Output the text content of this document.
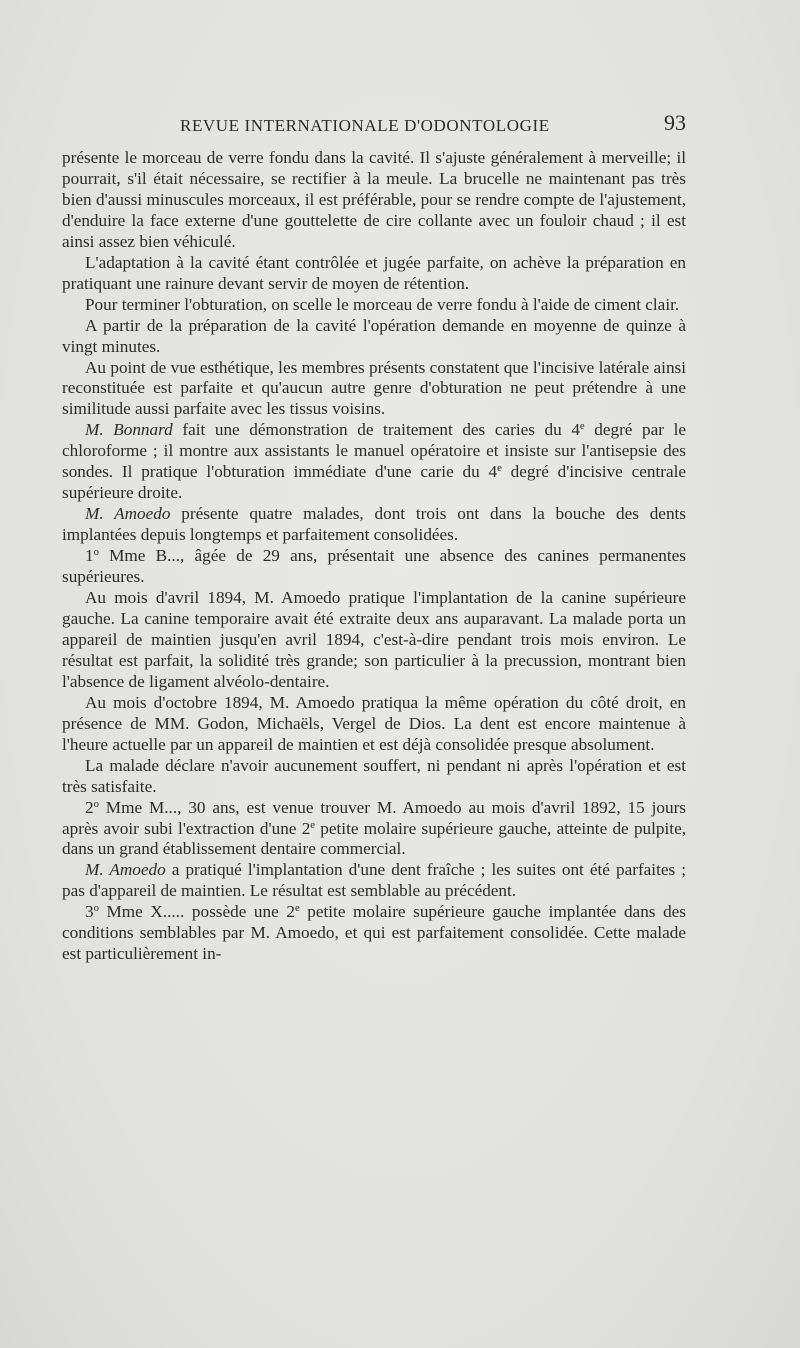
REVUE INTERNATIONALE D'ODONTOLOGIE	93

présente le morceau de verre fondu dans la cavité. Il s'ajuste généralement à merveille; il pourrait, s'il était nécessaire, se rectifier à la meule. La brucelle ne maintenant pas très bien d'aussi minuscules morceaux, il est préférable, pour se rendre compte de l'ajustement, d'enduire la face externe d'une gouttelette de cire collante avec un fouloir chaud ; il est ainsi assez bien véhiculé.

L'adaptation à la cavité étant contrôlée et jugée parfaite, on achève la préparation en pratiquant une rainure devant servir de moyen de rétention.

Pour terminer l'obturation, on scelle le morceau de verre fondu à l'aide de ciment clair.

A partir de la préparation de la cavité l'opération demande en moyenne de quinze à vingt minutes.

Au point de vue esthétique, les membres présents constatent que l'incisive latérale ainsi reconstituée est parfaite et qu'aucun autre genre d'obturation ne peut prétendre à une similitude aussi parfaite avec les tissus voisins.

M. Bonnard fait une démonstration de traitement des caries du 4e degré par le chloroforme ; il montre aux assistants le manuel opératoire et insiste sur l'antisepsie des sondes. Il pratique l'obturation immédiate d'une carie du 4e degré d'incisive centrale supérieure droite.

M. Amoedo présente quatre malades, dont trois ont dans la bouche des dents implantées depuis longtemps et parfaitement consolidées.

1$^o$ Mme B..., âgée de 29 ans, présentait une absence des canines permanentes supérieures.

Au mois d'avril 1894, M. Amoedo pratique l'implantation de la canine supérieure gauche. La canine temporaire avait été extraite deux ans auparavant. La malade porta un appareil de maintien jusqu'en avril 1894, c'est-à-dire pendant trois mois environ. Le résultat est parfait, la solidité très grande; son particulier à la precussion, montrant bien l'absence de ligament alvéolo-dentaire.

Au mois d'octobre 1894, M. Amoedo pratiqua la même opération du côté droit, en présence de MM. Godon, Michaëls, Vergel de Dios. La dent est encore maintenue à l'heure actuelle par un appareil de maintien et est déjà consolidée presque absolument.

La malade déclare n'avoir aucunement souffert, ni pendant ni après l'opération et est très satisfaite.

2$^o$ Mme M..., 30 ans, est venue trouver M. Amoedo au mois d'avril 1892, 15 jours après avoir subi l'extraction d'une 2e petite molaire supérieure gauche, atteinte de pulpite, dans un grand établissement dentaire commercial.

M. Amoedo a pratiqué l'implantation d'une dent fraîche ; les suites ont été parfaites ; pas d'appareil de maintien. Le résultat est semblable au précédent.

3$^o$ Mme X..... possède une 2e petite molaire supérieure gauche implantée dans des conditions semblables par M. Amoedo, et qui est parfaitement consolidée. Cette malade est particulièrement in-
